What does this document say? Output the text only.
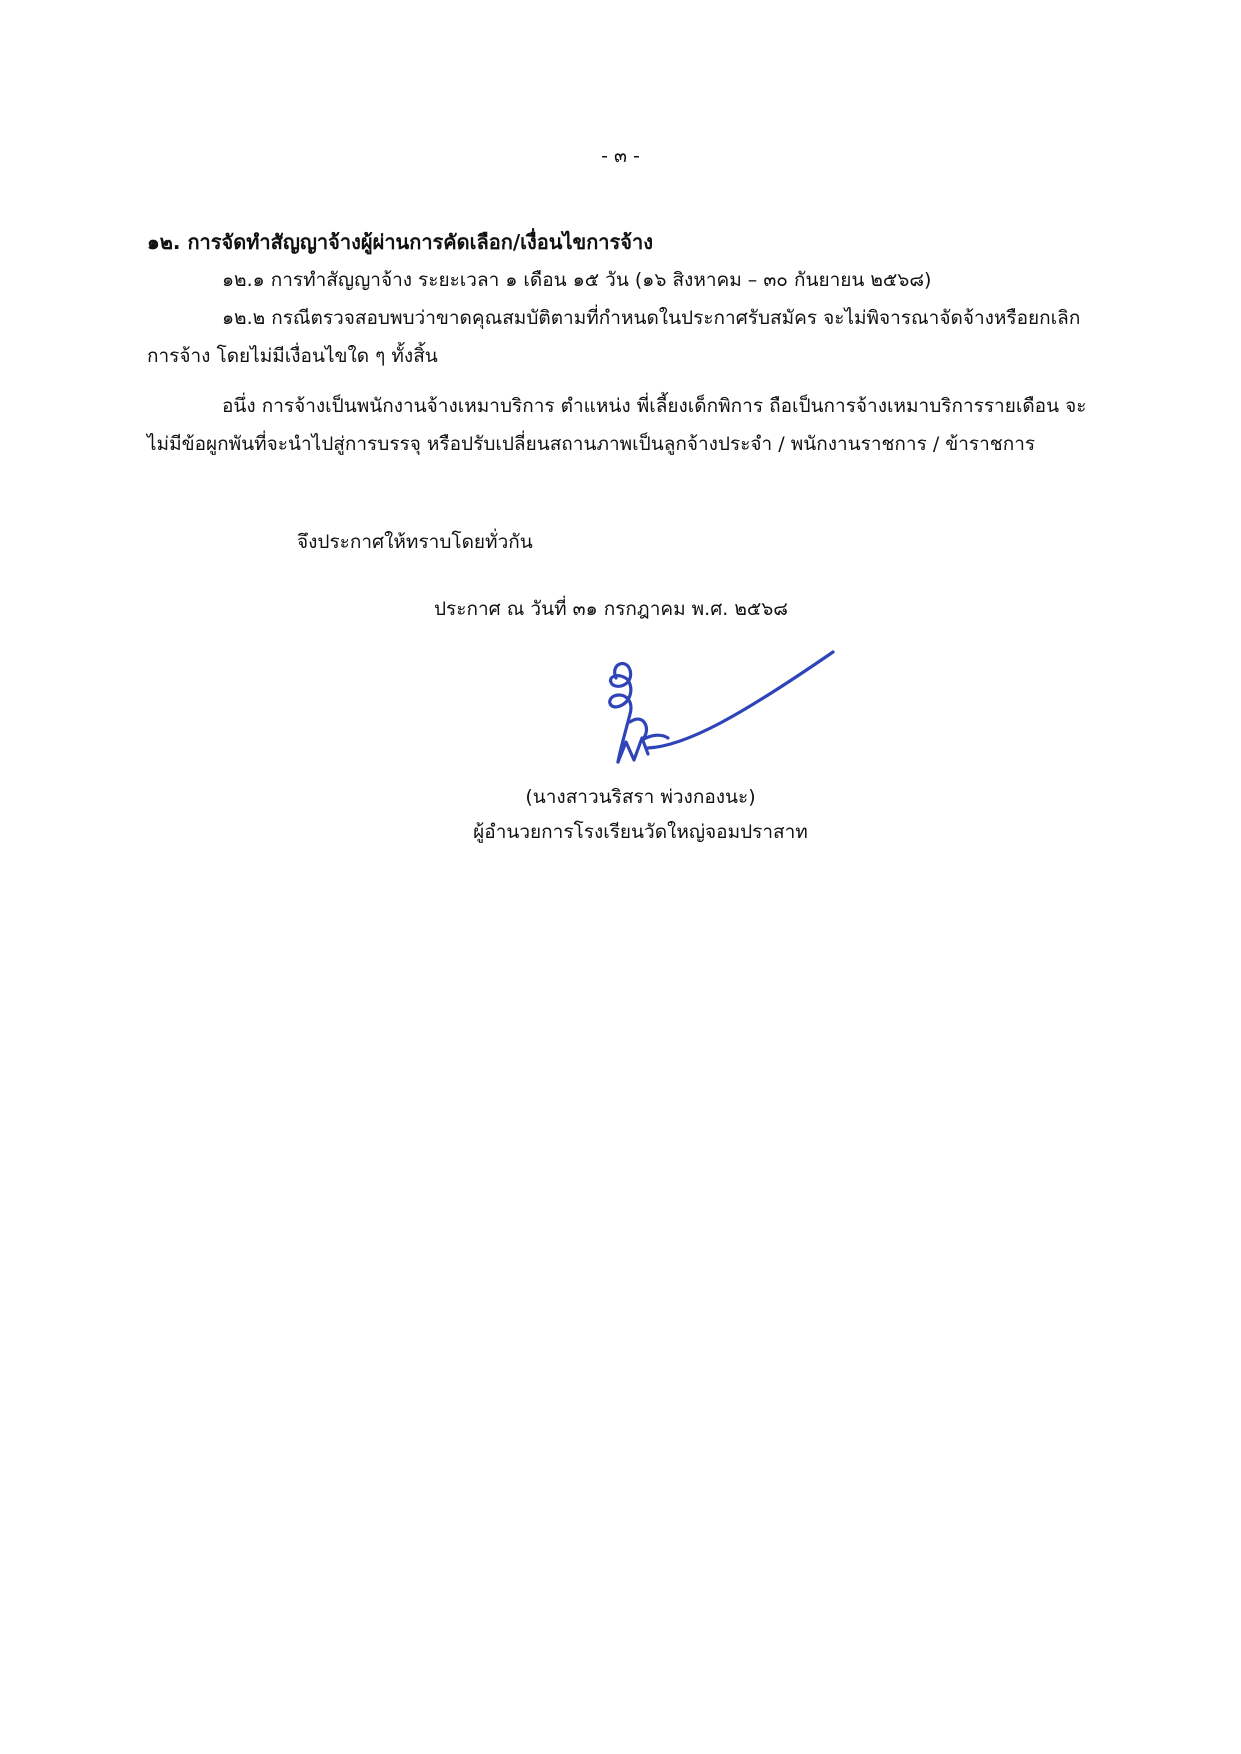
- ๓ -
๑๒. การจัดทำสัญญาจ้างผู้ผ่านการคัดเลือก/เงื่อนไขการจ้าง
๑๒.๑ การทำสัญญาจ้าง ระยะเวลา ๑ เดือน ๑๕ วัน (๑๖ สิงหาคม – ๓๐ กันยายน ๒๕๖๘)
๑๒.๒ กรณีตรวจสอบพบว่าขาดคุณสมบัติตามที่กำหนดในประกาศรับสมัคร จะไม่พิจารณาจัดจ้างหรือยกเลิก
การจ้าง โดยไม่มีเงื่อนไขใด ๆ ทั้งสิ้น
อนึ่ง การจ้างเป็นพนักงานจ้างเหมาบริการ ตำแหน่ง พี่เลี้ยงเด็กพิการ ถือเป็นการจ้างเหมาบริการรายเดือน จะ
ไม่มีข้อผูกพันที่จะนำไปสู่การบรรจุ หรือปรับเปลี่ยนสถานภาพเป็นลูกจ้างประจำ / พนักงานราชการ / ข้าราชการ
จึงประกาศให้ทราบโดยทั่วกัน
ประกาศ ณ วันที่ ๓๑ กรกฎาคม พ.ศ. ๒๕๖๘
(นางสาวนริสรา พ่วงกองนะ)
ผู้อำนวยการโรงเรียนวัดใหญ่จอมปราสาท
